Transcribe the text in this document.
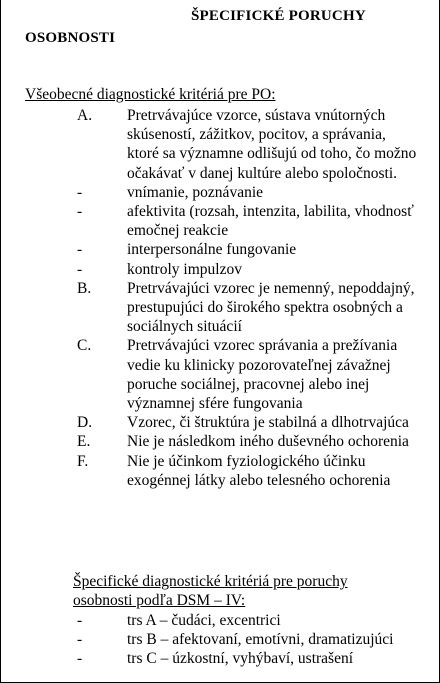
ŠPECIFICKÉ PORUCHY
OSOBNOSTI
Všeobecné diagnostické kritériá pre PO:
A.	Pretrvávajúce vzorce, sústava vnútorných skúseností, zážitkov, pocitov, a správania, ktoré sa významne odlišujú od toho, čo možno očakávať v danej kultúre alebo spoločnosti.
-	vnímanie, poznávanie
-	afektivita (rozsah, intenzita, labilita, vhodnosť emočnej reakcie
-	interpersonálne fungovanie
-	kontroly impulzov
B.	Pretrvávajúci vzorec je nemenný, nepoddajný, prestupujúci do širokého spektra osobných a sociálnych situácií
C.	Pretrvávajúci vzorec správania a prežívania vedie ku klinicky pozorovateľnej závažnej poruche sociálnej, pracovnej alebo inej významnej sfére fungovania
D.	Vzorec, či štruktúra je stabilná a dlhotrvajúca
E.	Nie je následkom iného duševného ochorenia
F.	Nie je účinkom fyziologického účinku exogénnej látky alebo telesného ochorenia
Špecifické diagnostické kritériá pre poruchy
osobnosti podľa DSM – IV:
-	trs A – čudáci, excentrici
-	trs B – afektovaní, emotívni, dramatizujúci
-	trs C – úzkostní, vyhýbaví, ustrašení
